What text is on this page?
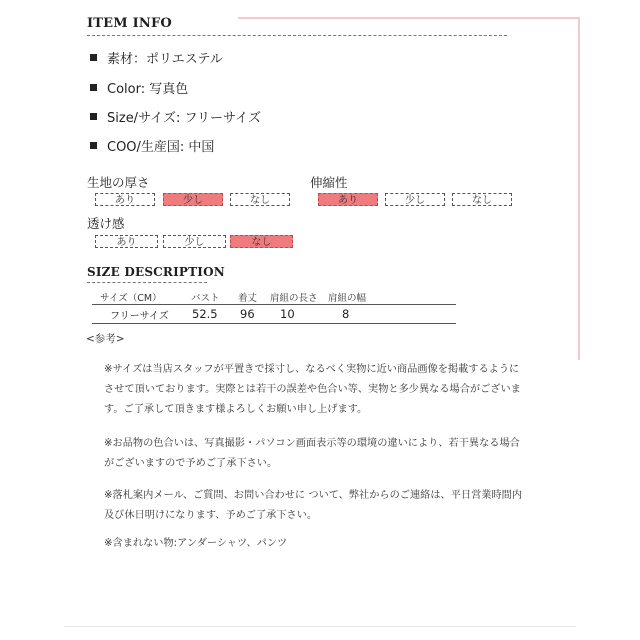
ITEM INFO
素材：ポリエステル
Color: 写真色
Size/サイズ: フリーサイズ
COO/生産国: 中国
生地の厚さ
あり	少し	なし
伸縮性
あり	少し	なし
透け感
あり	少し	なし
SIZE DESCRIPTION
サイズ（CM）	バスト 着丈 肩組の長さ 肩組の幅
フリーサイズ 52.5 96 10	8
<参考>
※サイズは当店スタッフが平置きで採寸し、なるべく実物に近い商品画像を掲載するようにさせて頂いております。実際とは若干の誤差や色合い等、実物と多少異なる場合がございます。ご了承して頂きます様よろしくお願い申し上げます。
※お品物の色合いは、写真撮影・パソコン画面表示等の環境の違いにより、若干異なる場合がございますので予めご了承下さい。
※落札案内メール、ご質問、お問い合わせに ついて、弊社からのご連絡は、平日営業時間内及び休日明けになります、予めご了承下さい。
※含まれない物:アンダーシャツ、パンツ
